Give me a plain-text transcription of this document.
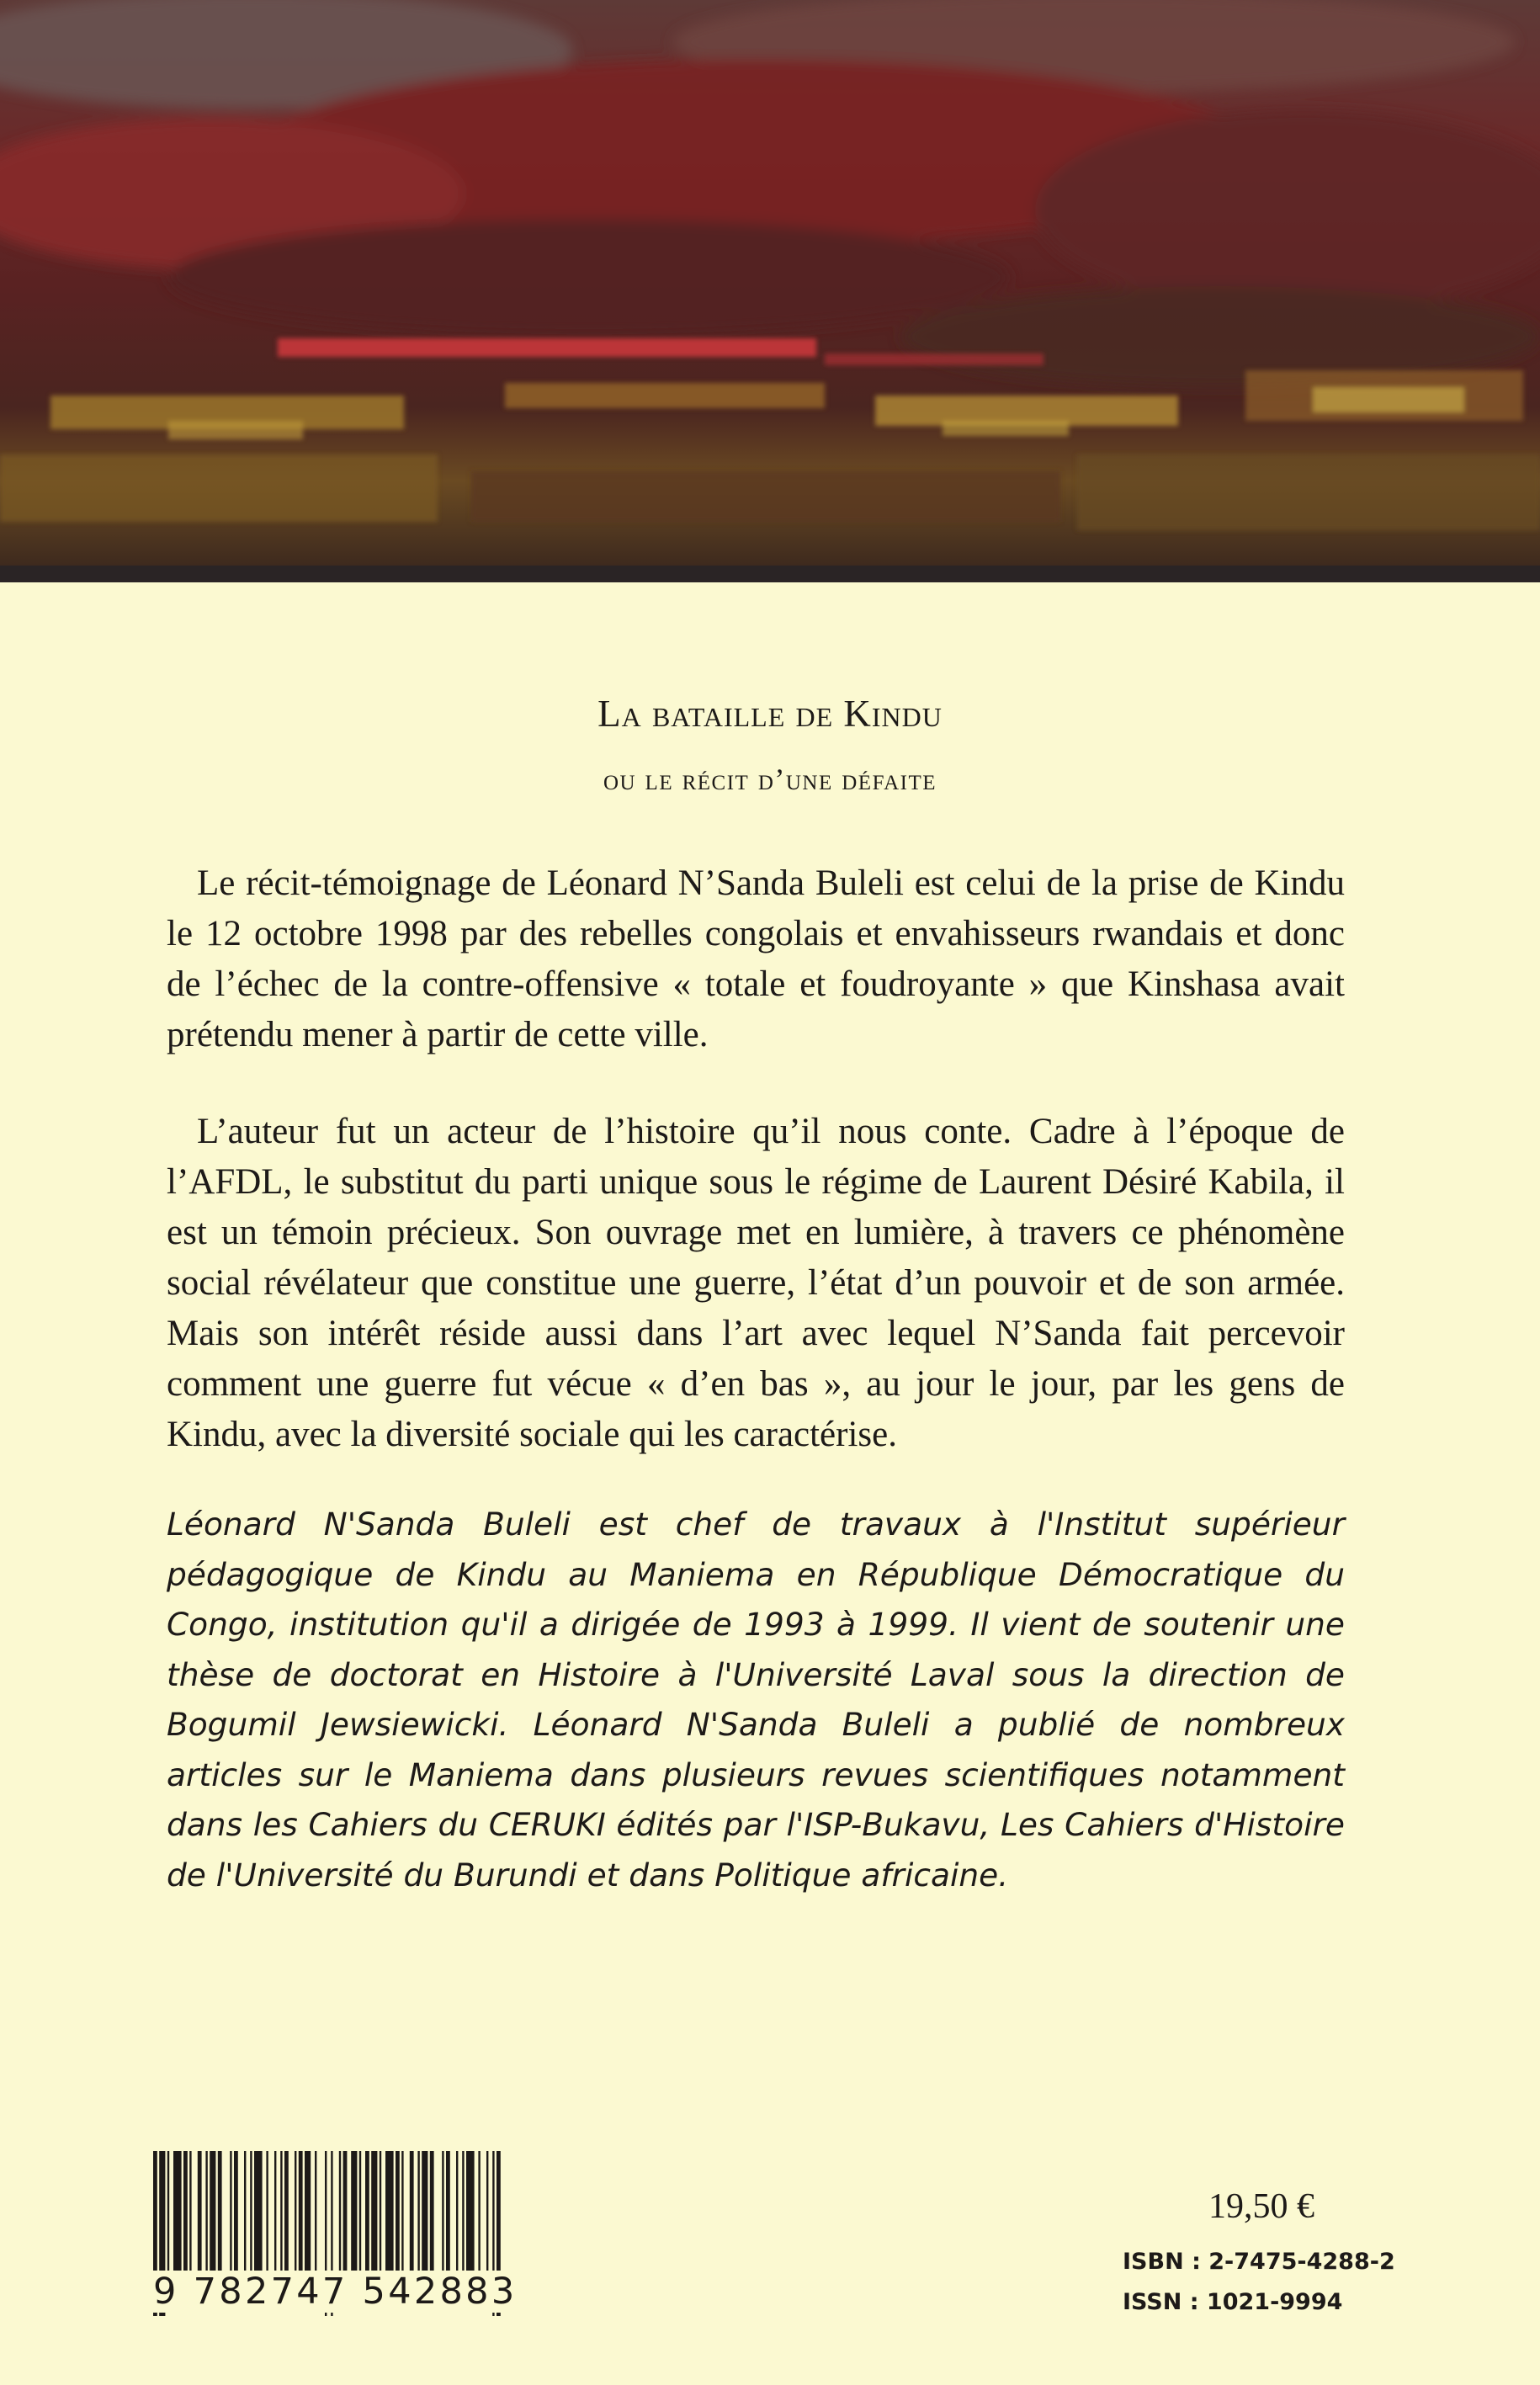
La bataille de Kindu
ou le récit d’une défaite

Le récit-témoignage de Léonard N’Sanda Buleli est celui de la prise de Kindu le 12 octobre 1998 par des rebelles congolais et envahisseurs rwandais et donc de l’échec de la contre-offensive « totale et foudroyante » que Kinshasa avait prétendu mener à partir de cette ville.

L’auteur fut un acteur de l’histoire qu’il nous conte. Cadre à l’époque de l’AFDL, le substitut du parti unique sous le régime de Laurent Désiré Kabila, il est un témoin précieux. Son ouvrage met en lumière, à travers ce phénomène social révélateur que constitue une guerre, l’état d’un pouvoir et de son armée. Mais son intérêt réside aussi dans l’art avec lequel N’Sanda fait percevoir comment une guerre fut vécue « d’en bas », au jour le jour, par les gens de Kindu, avec la diversité sociale qui les caractérise.

Léonard N'Sanda Buleli est chef de travaux à l'Institut supérieur pédagogique de Kindu au Maniema en République Démocratique du Congo, institution qu'il a dirigée de 1993 à 1999. Il vient de soutenir une thèse de doctorat en Histoire à l'Université Laval sous la direction de Bogumil Jewsiewicki. Léonard N'Sanda Buleli a publié de nombreux articles sur le Maniema dans plusieurs revues scientifiques notamment dans les Cahiers du CERUKI édités par l'ISP-Bukavu, Les Cahiers d'Histoire de l'Université du Burundi et dans Politique africaine.

9 782747 542883
19,50 €
ISBN : 2-7475-4288-2
ISSN : 1021-9994
